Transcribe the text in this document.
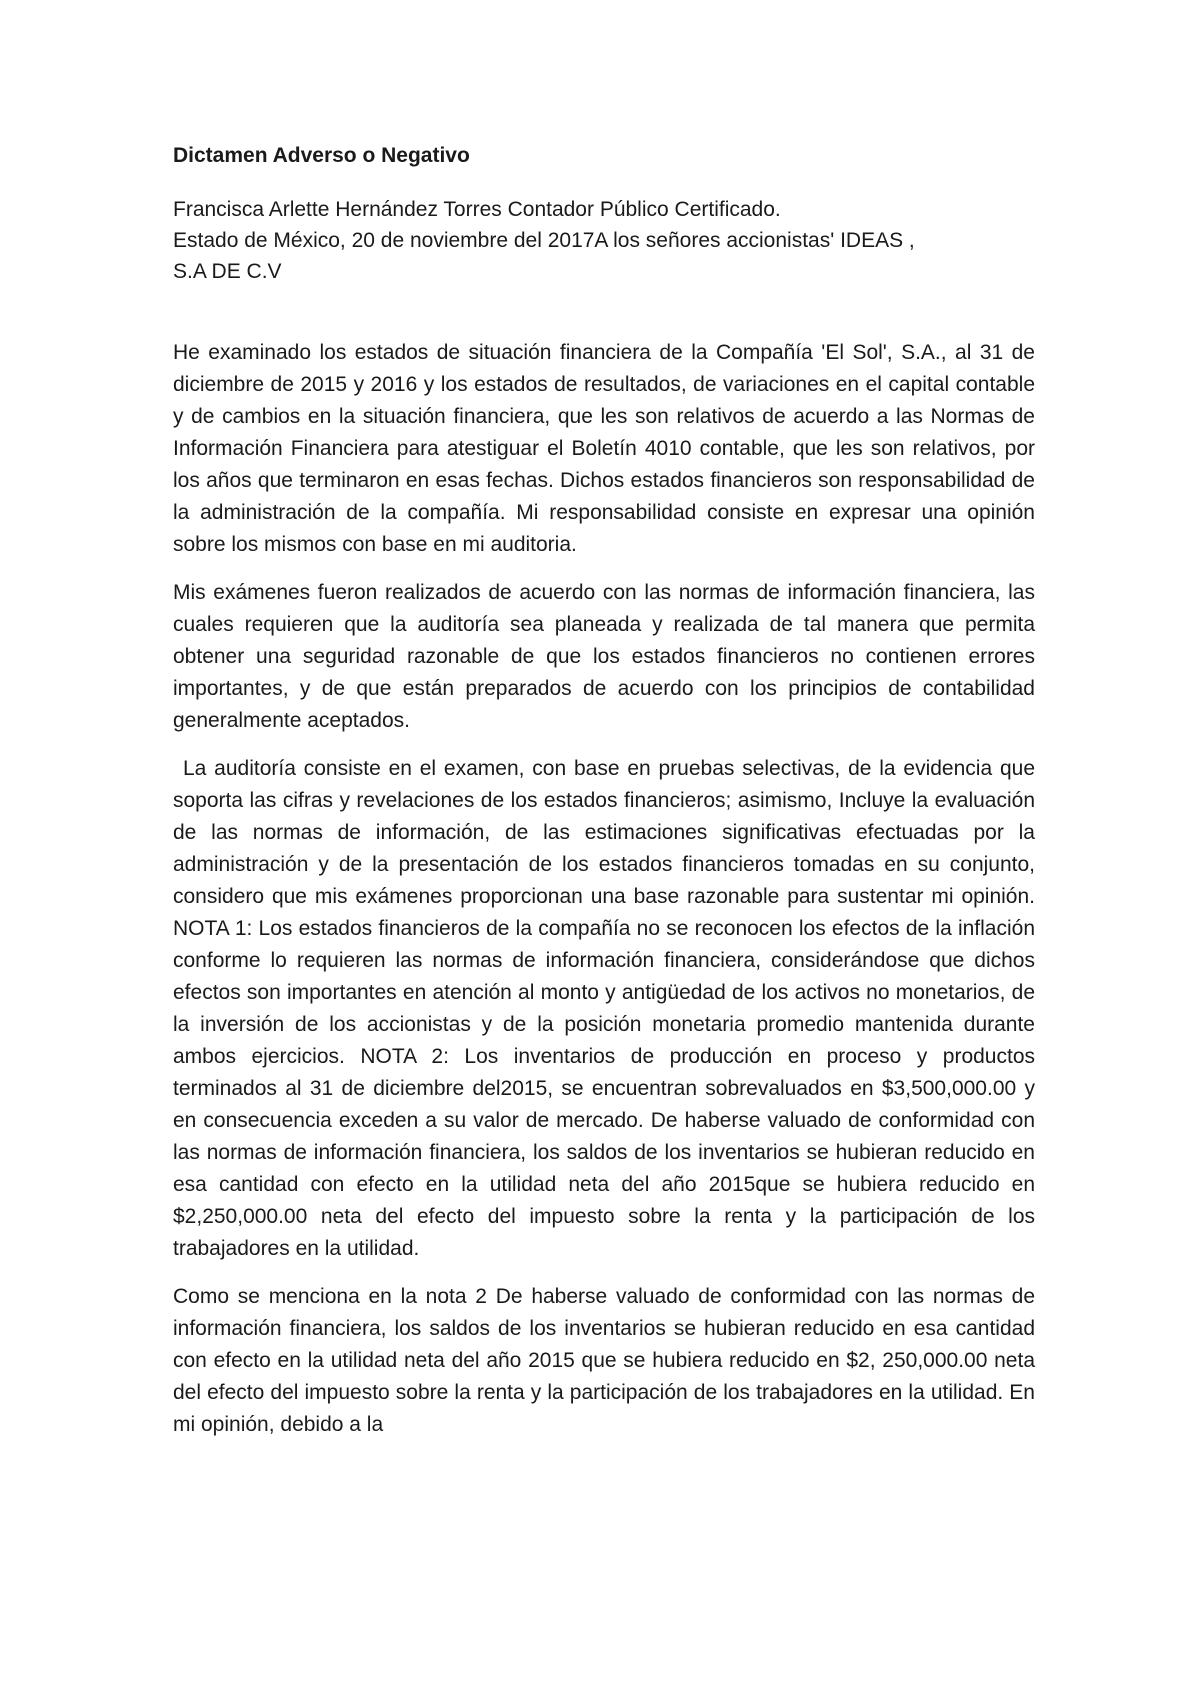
Dictamen Adverso o Negativo

Francisca Arlette Hernández Torres Contador Público Certificado.

Estado de México, 20 de noviembre del 2017A los señores accionistas' IDEAS ,

S.A DE C.V

He examinado los estados de situación financiera de la Compañía 'El Sol', S.A., al 31 de diciembre de 2015 y 2016 y los estados de resultados, de variaciones en el capital contable y de cambios en la situación financiera, que les son relativos de acuerdo a las Normas de Información Financiera para atestiguar el Boletín 4010 contable, que les son relativos, por los años que terminaron en esas fechas. Dichos estados financieros son responsabilidad de la administración de la compañía. Mi responsabilidad consiste en expresar una opinión sobre los mismos con base en mi auditoria.

Mis exámenes fueron realizados de acuerdo con las normas de información financiera, las cuales requieren que la auditoría sea planeada y realizada de tal manera que permita obtener una seguridad razonable de que los estados financieros no contienen errores importantes, y de que están preparados de acuerdo con los principios de contabilidad generalmente aceptados.

La auditoría consiste en el examen, con base en pruebas selectivas, de la evidencia que soporta las cifras y revelaciones de los estados financieros; asimismo, Incluye la evaluación de las normas de información, de las estimaciones significativas efectuadas por la administración y de la presentación de los estados financieros tomadas en su conjunto, considero que mis exámenes proporcionan una base razonable para sustentar mi opinión. NOTA 1: Los estados financieros de la compañía no se reconocen los efectos de la inflación conforme lo requieren las normas de información financiera, considerándose que dichos efectos son importantes en atención al monto y antigüedad de los activos no monetarios, de la inversión de los accionistas y de la posición monetaria promedio mantenida durante ambos ejercicios. NOTA 2: Los inventarios de producción en proceso y productos terminados al 31 de diciembre del2015, se encuentran sobrevaluados en $3,500,000.00 y en consecuencia exceden a su valor de mercado. De haberse valuado de conformidad con las normas de información financiera, los saldos de los inventarios se hubieran reducido en esa cantidad con efecto en la utilidad neta del año 2015que se hubiera reducido en $2,250,000.00 neta del efecto del impuesto sobre la renta y la participación de los trabajadores en la utilidad.

Como se menciona en la nota 2 De haberse valuado de conformidad con las normas de información financiera, los saldos de los inventarios se hubieran reducido en esa cantidad con efecto en la utilidad neta del año 2015 que se hubiera reducido en $2, 250,000.00 neta del efecto del impuesto sobre la renta y la participación de los trabajadores en la utilidad. En mi opinión, debido a la
